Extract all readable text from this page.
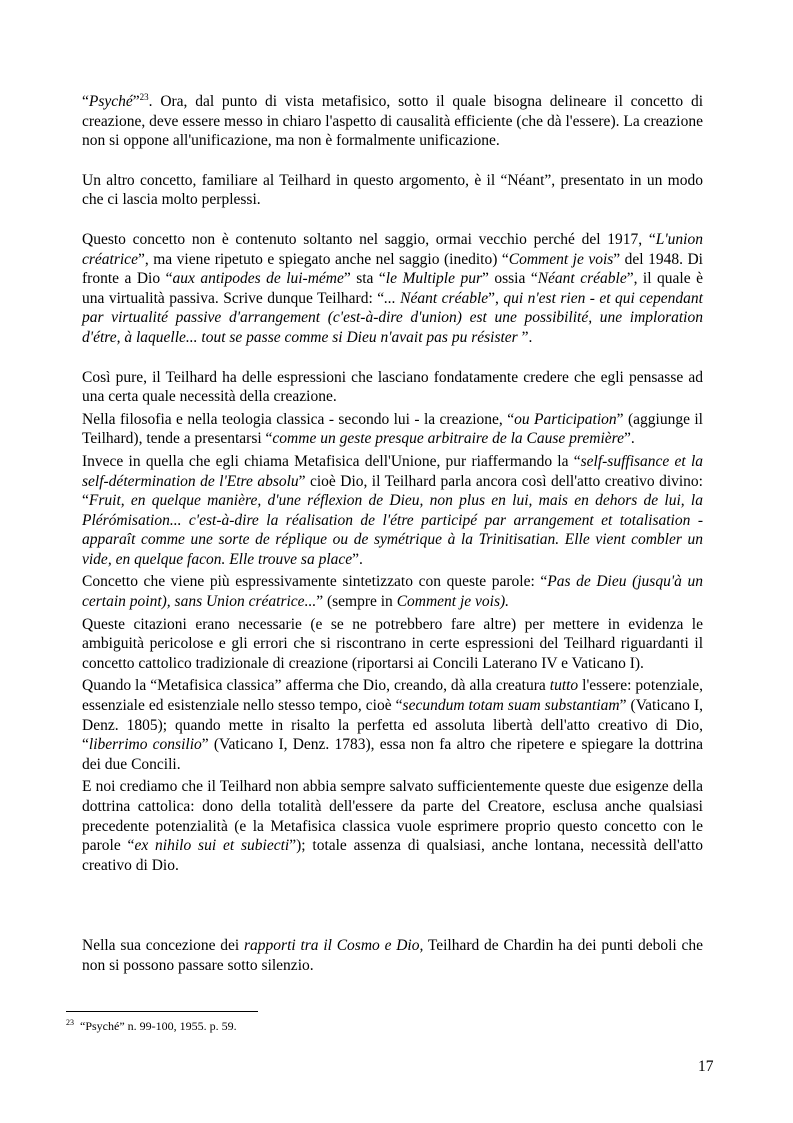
“Psyché”$^{23}$. Ora, dal punto di vista metafisico, sotto il quale bisogna delineare il concetto di creazione, deve essere messo in chiaro l'aspetto di causalità efficiente (che dà l'essere). La creazione non si oppone all'unificazione, ma non è formalmente unificazione.

Un altro concetto, familiare al Teilhard in questo argomento, è il “Néant”, presentato in un modo che ci lascia molto perplessi.

Questo concetto non è contenuto soltanto nel saggio, ormai vecchio perché del 1917, “L'union créatrice”, ma viene ripetuto e spiegato anche nel saggio (inedito) “Comment je vois” del 1948. Di fronte a Dio “aux antipodes de lui-méme” sta “le Multiple pur” ossia “Néant créable”, il quale è una virtualità passiva. Scrive dunque Teilhard: “... Néant créable”, qui n'est rien - et qui cependant par virtualité passive d'arrangement (c'est-à-dire d'union) est une possibilité, une imploration d'étre, à laquelle... tout se passe comme si Dieu n'avait pas pu résister ”.

Così pure, il Teilhard ha delle espressioni che lasciano fondatamente credere che egli pensasse ad una certa quale necessità della creazione.

Nella filosofia e nella teologia classica - secondo lui - la creazione, “ou Participation” (aggiunge il Teilhard), tende a presentarsi “comme un geste presque arbitraire de la Cause première”.

Invece in quella che egli chiama Metafisica dell'Unione, pur riaffermando la “self-suffisance et la self-détermination de l'Etre absolu” cioè Dio, il Teilhard parla ancora così dell'atto creativo divino: “Fruit, en quelque manière, d'une réflexion de Dieu, non plus en lui, mais en dehors de lui, la Plérómisation... c'est-à-dire la réalisation de l'étre participé par arrangement et totalisation - apparaît comme une sorte de réplique ou de symétrique à la Trinitisatian. Elle vient combler un vide, en quelque facon. Elle trouve sa place”.

Concetto che viene più espressivamente sintetizzato con queste parole: “Pas de Dieu (jusqu'à un certain point), sans Union créatrice...” (sempre in Comment je vois).

Queste citazioni erano necessarie (e se ne potrebbero fare altre) per mettere in evidenza le ambiguità pericolose e gli errori che si riscontrano in certe espressioni del Teilhard riguardanti il concetto cattolico tradizionale di creazione (riportarsi ai Concili Laterano IV e Vaticano I).

Quando la “Metafisica classica” afferma che Dio, creando, dà alla creatura tutto l'essere: potenziale, essenziale ed esistenziale nello stesso tempo, cioè “secundum totam suam substantiam” (Vaticano I, Denz. 1805); quando mette in risalto la perfetta ed assoluta libertà dell'atto creativo di Dio, “liberrimo consilio” (Vaticano I, Denz. 1783), essa non fa altro che ripetere e spiegare la dottrina dei due Concili.

E noi crediamo che il Teilhard non abbia sempre salvato sufficientemente queste due esigenze della dottrina cattolica: dono della totalità dell'essere da parte del Creatore, esclusa anche qualsiasi precedente potenzialità (e la Metafisica classica vuole esprimere proprio questo concetto con le parole “ex nihilo sui et subiecti”); totale assenza di qualsiasi, anche lontana, necessità dell'atto creativo di Dio.

Nella sua concezione dei rapporti tra il Cosmo e Dio, Teilhard de Chardin ha dei punti deboli che non si possono passare sotto silenzio.

$^{23}$ “Psyché” n. 99-100, 1955. p. 59.
17
